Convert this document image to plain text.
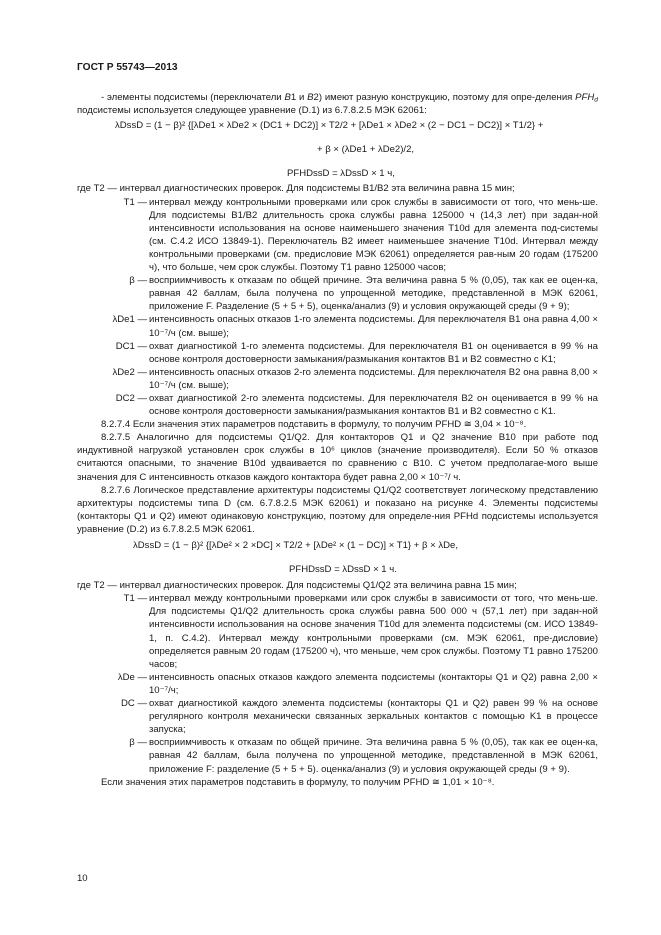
ГОСТ Р 55743—2013

- элементы подсистемы (переключатели B1 и B2) имеют разную конструкцию, поэтому для опре-деления $PFH_d$ подсистемы используется следующее уравнение (D.1) из 6.7.8.2.5 МЭК 62061:

λDssD = (1 − β)² {[λDe1 × λDe2 × (DC1 + DC2)] × T2/2 + [λDe1 × λDe2 × (2 − DC1 − DC2)] × T1/2} +

+ β × (λDe1 + λDe2)/2,

PFHDssD = λDssD × 1 ч,

где T2 — интервал диагностических проверок. Для подсистемы B1/B2 эта величина равна 15 мин;

T1 — интервал между контрольными проверками или срок службы в зависимости от того, что мень-ше. Для подсистемы B1/B2 длительность срока службы равна 125000 ч (14,3 лет) при задан-ной интенсивности использования на основе наименьшего значения T10d для элемента под-системы (см. С.4.2 ИСО 13849-1). Переключатель B2 имеет наименьшее значение T10d. Интервал между контрольными проверками (см. предисловие МЭК 62061) определяется рав-ным 20 годам (175200 ч), что больше, чем срок службы. Поэтому T1 равно 125000 часов;
β — восприимчивость к отказам по общей причине. Эта величина равна 5 % (0,05), так как ее оцен-ка, равная 42 баллам, была получена по упрощенной методике, представленной в МЭК 62061, приложение F. Разделение (5 + 5 + 5), оценка/анализ (9) и условия окружающей среды (9 + 9);
λDe1 — интенсивность опасных отказов 1-го элемента подсистемы. Для переключателя B1 она равна 4,00 × 10⁻⁷/ч (см. выше);
DC1 — охват диагностикой 1-го элемента подсистемы. Для переключателя B1 он оценивается в 99 % на основе контроля достоверности замыкания/размыкания контактов B1 и B2 совместно с K1;
λDe2 — интенсивность опасных отказов 2-го элемента подсистемы. Для переключателя B2 она равна 8,00 × 10⁻⁷/ч (см. выше);
DC2 — охват диагностикой 2-го элемента подсистемы. Для переключателя B2 он оценивается в 99 % на основе контроля достоверности замыкания/размыкания контактов B1 и B2 совместно с K1.

8.2.7.4 Если значения этих параметров подставить в формулу, то получим PFHD ≅ 3,04 × 10⁻⁸.

8.2.7.5 Аналогично для подсистемы Q1/Q2. Для контакторов Q1 и Q2 значение B10 при работе под индуктивной нагрузкой установлен срок службы в 10⁶ циклов (значение производителя). Если 50 % отказов считаются опасными, то значение B10d удваивается по сравнению с B10. С учетом предполагае-мого выше значения для C интенсивность отказов каждого контактора будет равна 2,00 × 10⁻⁷/ ч.

8.2.7.6 Логическое представление архитектуры подсистемы Q1/Q2 соответствует логическому представлению архитектуры подсистемы типа D (см. 6.7.8.2.5 МЭК 62061) и показано на рисунке 4. Элементы подсистемы (контакторы Q1 и Q2) имеют одинаковую конструкцию, поэтому для определе-ния PFHd подсистемы используется уравнение (D.2) из 6.7.8.2.5 МЭК 62061.

λDssD = (1 − β)² {[λDe² × 2 ×DC] × T2/2 + [λDe² × (1 − DC)] × T1} + β × λDe,

PFHDssD = λDssD × 1 ч.

где T2 — интервал диагностических проверок. Для подсистемы Q1/Q2 эта величина равна 15 мин;

T1 — интервал между контрольными проверками или срок службы в зависимости от того, что мень-ше. Для подсистемы Q1/Q2 длительность срока службы равна 500 000 ч (57,1 лет) при задан-ной интенсивности использования на основе значения T10d для элемента подсистемы (см. ИСО 13849-1, п. С.4.2). Интервал между контрольными проверками (см. МЭК 62061, пре-дисловие) определяется равным 20 годам (175200 ч), что меньше, чем срок службы. Поэтому T1 равно 175200 часов;
λDe — интенсивность опасных отказов каждого элемента подсистемы (контакторы Q1 и Q2) равна 2,00 × 10⁻⁷/ч;
DC — охват диагностикой каждого элемента подсистемы (контакторы Q1 и Q2) равен 99 % на основе регулярного контроля механически связанных зеркальных контактов с помощью K1 в процессе запуска;
β — восприимчивость к отказам по общей причине. Эта величина равна 5 % (0,05), так как ее оцен-ка, равная 42 баллам, была получена по упрощенной методике, представленной в МЭК 62061, приложение F: разделение (5 + 5 + 5). оценка/анализ (9) и условия окружающей среды (9 + 9).

Если значения этих параметров подставить в формулу, то получим PFHD ≅ 1,01 × 10⁻⁸.

10
